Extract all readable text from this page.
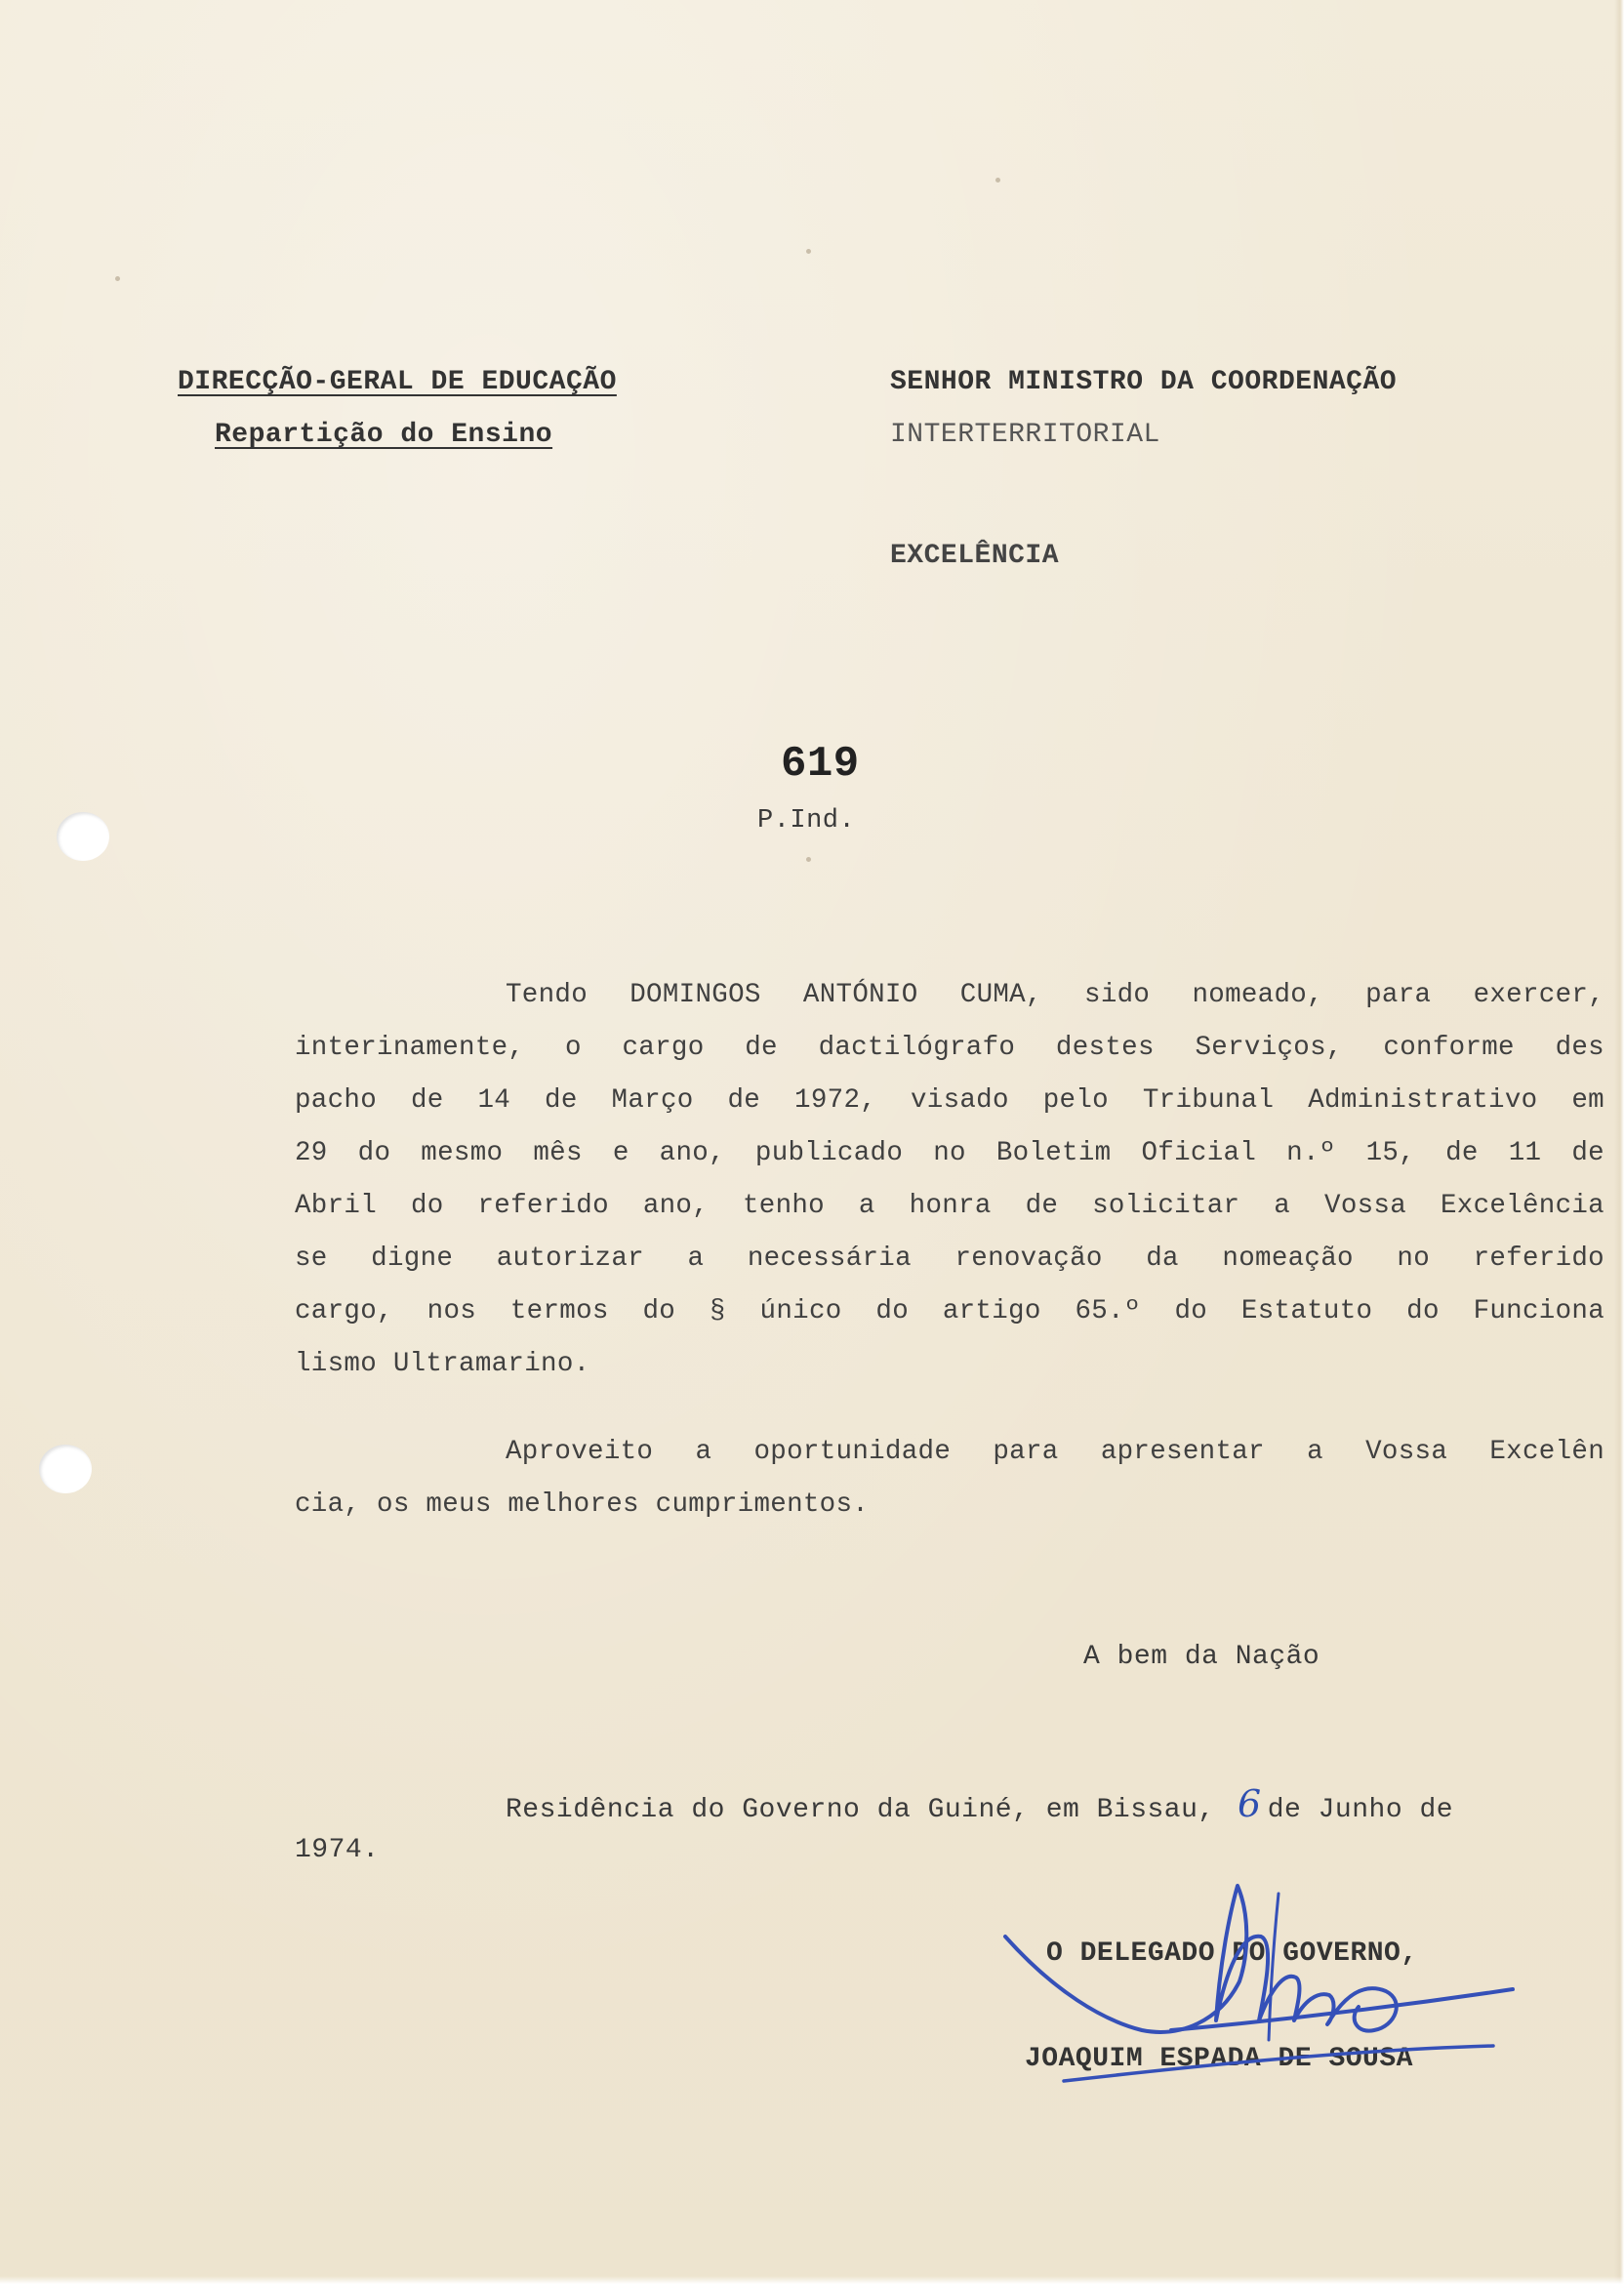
DIRECÇÃO-GERAL DE EDUCAÇÃO
Repartição do Ensino
SENHOR MINISTRO DA COORDENAÇÃO
INTERTERRITORIAL
EXCELÊNCIA
619
P.Ind.
Tendo DOMINGOS ANTÓNIO CUMA, sido nomeado, para exercer,
interinamente, o cargo de dactilógrafo destes Serviços, conforme des
pacho de 14 de Março de 1972, visado pelo Tribunal Administrativo em
29 do mesmo mês e ano, publicado no Boletim Oficial n.º 15, de 11 de
Abril do referido ano, tenho a honra de solicitar a Vossa Excelência
se digne autorizar a necessária renovação da nomeação no referido
cargo, nos termos do § único do artigo 65.º do Estatuto do Funciona
lismo Ultramarino.
Aproveito a oportunidade para apresentar a Vossa Excelên
cia, os meus melhores cumprimentos.
A bem da Nação
Residência do Governo da Guiné, em Bissau, 6 de Junho de
1974.
O DELEGADO DO GOVERNO,
JOAQUIM ESPADA DE SOUSA
